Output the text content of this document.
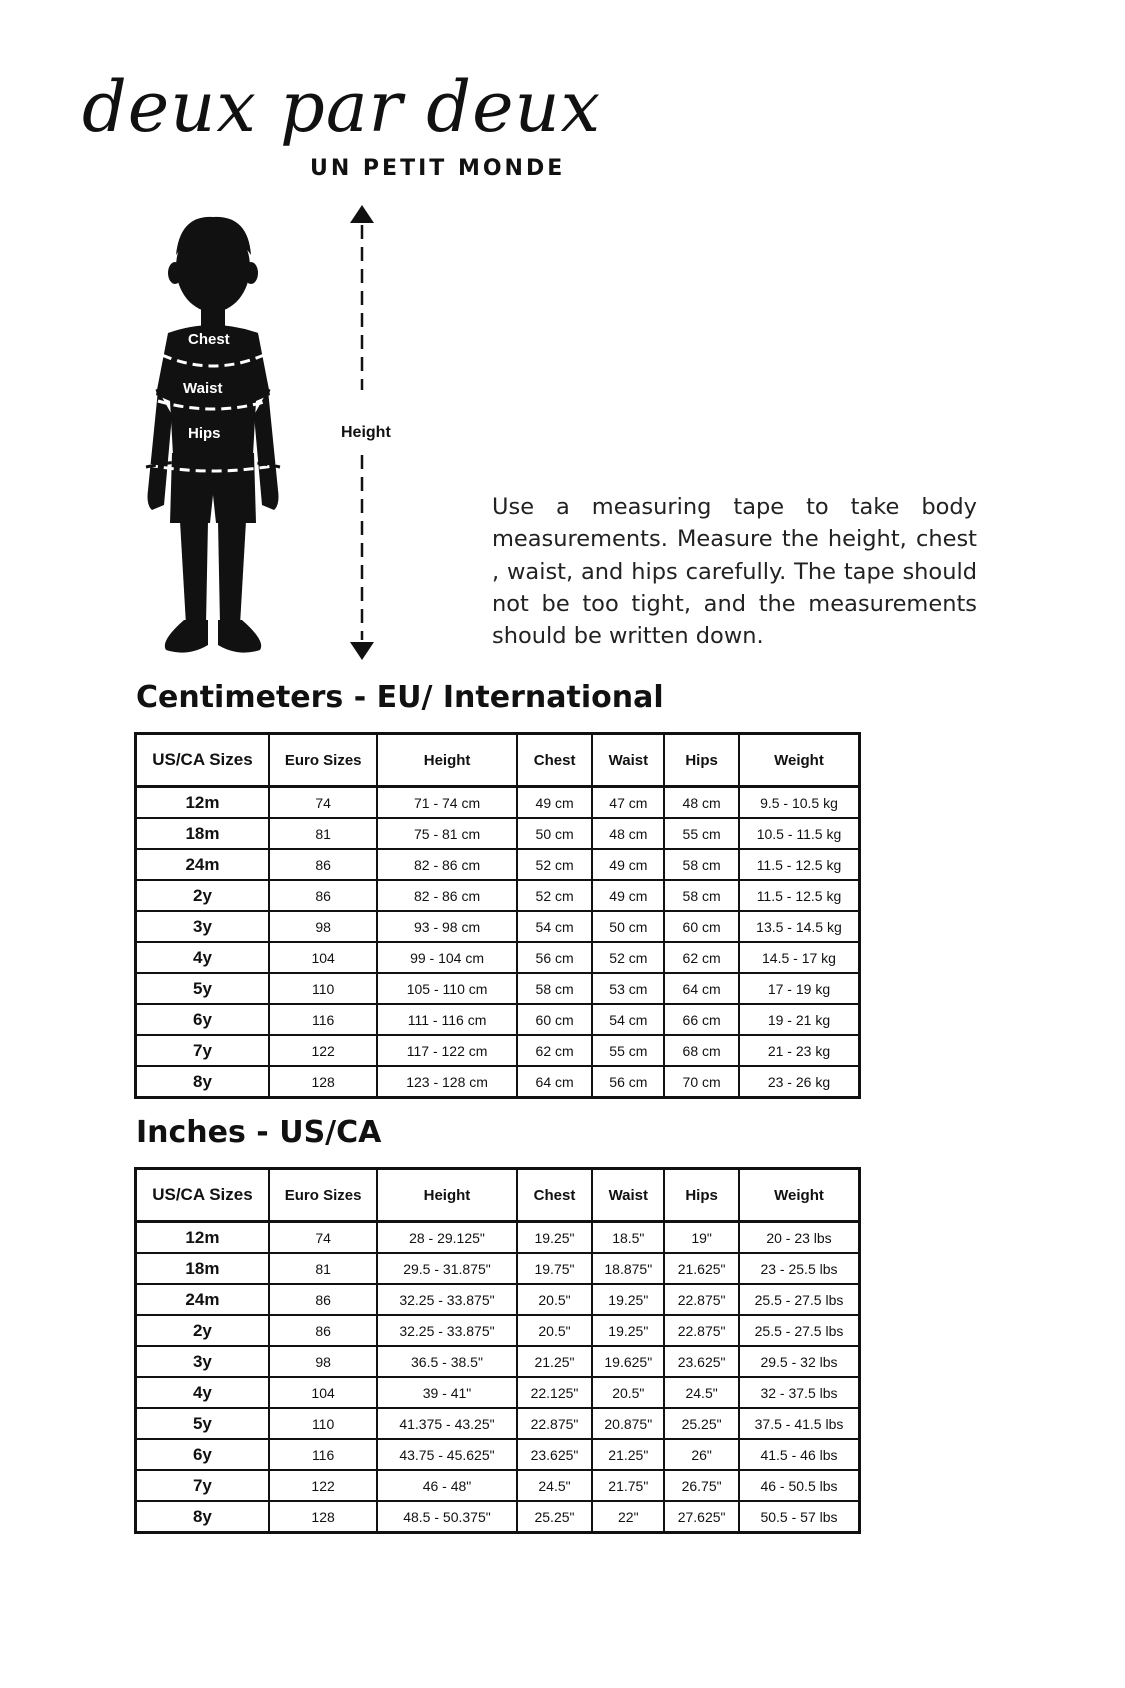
deux par deux
UN PETIT MONDE
Chest
Waist
Hips	Height
Use a measuring tape to take body measurements. Measure the height, chest , waist, and hips carefully. The tape should not be too tight, and the measurements should be written down.
Centimeters - EU/ International
US/CA Sizes	Euro Sizes	Height	Chest	Waist	Hips	Weight
12m	74	71 - 74 cm	49 cm	47 cm	48 cm	9.5 - 10.5 kg
18m	81	75 - 81 cm	50 cm	48 cm	55 cm	10.5 - 11.5 kg
24m	86	82 - 86 cm	52 cm	49 cm	58 cm	11.5 - 12.5 kg
2y	86	82 - 86 cm	52 cm	49 cm	58 cm	11.5 - 12.5 kg
3y	98	93 - 98 cm	54 cm	50 cm	60 cm	13.5 - 14.5 kg
4y	104	99 - 104 cm	56 cm	52 cm	62 cm	14.5 - 17 kg
5y	110	105 - 110 cm	58 cm	53 cm	64 cm	17 - 19 kg
6y	116	111 - 116 cm	60 cm	54 cm	66 cm	19 - 21 kg
7y	122	117 - 122 cm	62 cm	55 cm	68 cm	21 - 23 kg
8y	128	123 - 128 cm	64 cm	56 cm	70 cm	23 - 26 kg
Inches - US/CA
US/CA Sizes	Euro Sizes	Height	Chest	Waist	Hips	Weight
12m	74	28 - 29.125"	19.25"	18.5"	19"	20 - 23 lbs
18m	81	29.5 - 31.875"	19.75"	18.875"	21.625"	23 - 25.5 lbs
24m	86	32.25 - 33.875"	20.5"	19.25"	22.875"	25.5 - 27.5 lbs
2y	86	32.25 - 33.875"	20.5"	19.25"	22.875"	25.5 - 27.5 lbs
3y	98	36.5 - 38.5"	21.25"	19.625"	23.625"	29.5 - 32 lbs
4y	104	39 - 41"	22.125"	20.5"	24.5"	32 - 37.5 lbs
5y	110	41.375 - 43.25"	22.875"	20.875"	25.25"	37.5 - 41.5 lbs
6y	116	43.75 - 45.625"	23.625"	21.25"	26"	41.5 - 46 lbs
7y	122	46 - 48"	24.5"	21.75"	26.75"	46 - 50.5 lbs
8y	128	48.5 - 50.375"	25.25"	22"	27.625"	50.5 - 57 lbs
